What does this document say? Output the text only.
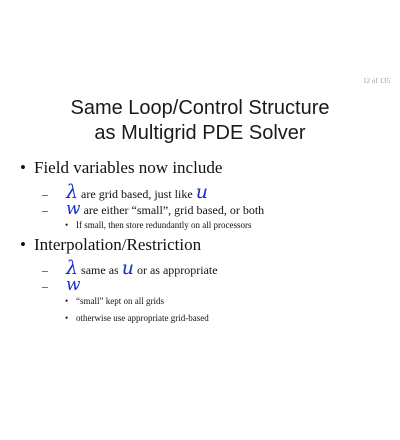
12 of 135
Same Loop/Control Structure
as Multigrid PDE Solver
• Field variables now include
– λ are grid based, just like u
– w are either “small”, grid based, or both
• If small, then store redundantly on all processors
• Interpolation/Restriction
– λ same as u or as appropriate
– w
• “small” kept on all grids
• otherwise use appropriate grid-based
